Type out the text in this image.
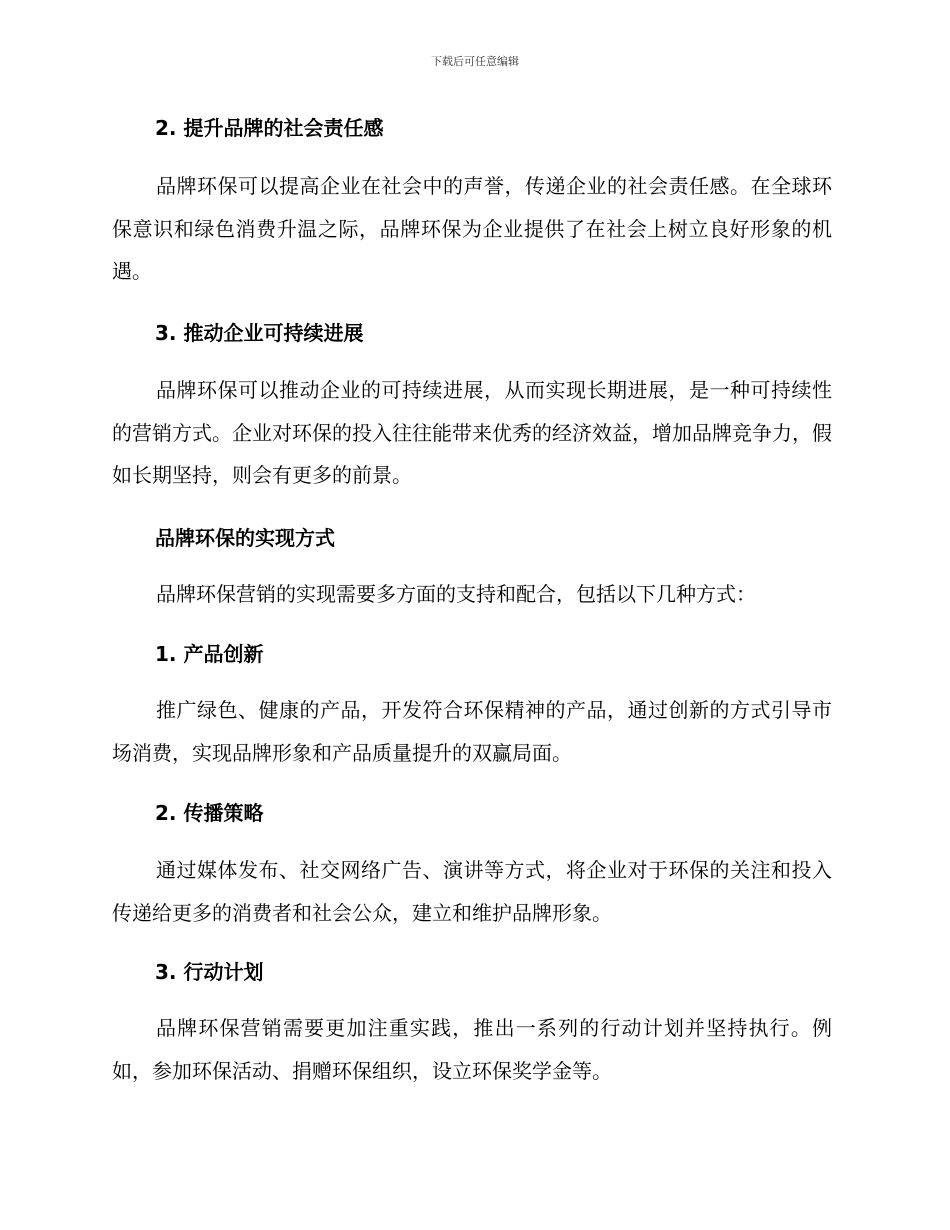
下载后可任意编辑
2. 提升品牌的社会责任感

品牌环保可以提高企业在社会中的声誉，传递企业的社会责任感。在全球环保意识和绿色消费升温之际，品牌环保为企业提供了在社会上树立良好形象的机遇。

3. 推动企业可持续进展

品牌环保可以推动企业的可持续进展，从而实现长期进展，是一种可持续性的营销方式。企业对环保的投入往往能带来优秀的经济效益，增加品牌竞争力，假如长期坚持，则会有更多的前景。

品牌环保的实现方式

品牌环保营销的实现需要多方面的支持和配合，包括以下几种方式：

1. 产品创新

推广绿色、健康的产品，开发符合环保精神的产品，通过创新的方式引导市场消费，实现品牌形象和产品质量提升的双赢局面。

2. 传播策略

通过媒体发布、社交网络广告、演讲等方式，将企业对于环保的关注和投入传递给更多的消费者和社会公众，建立和维护品牌形象。

3. 行动计划

品牌环保营销需要更加注重实践，推出一系列的行动计划并坚持执行。例如，参加环保活动、捐赠环保组织，设立环保奖学金等。
